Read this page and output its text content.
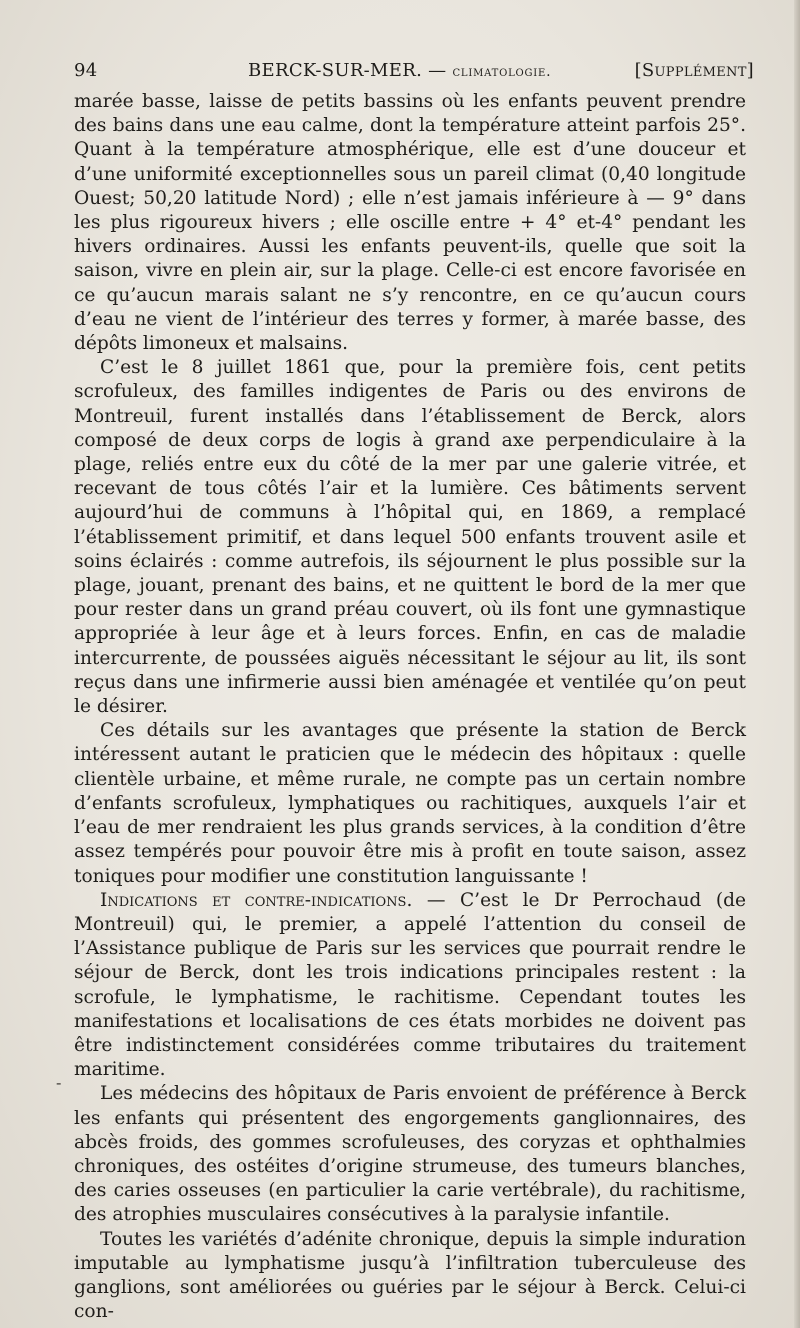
94	BERCK-SUR-MER. — climatologie.	[Supplément]

marée basse, laisse de petits bassins où les enfants peuvent prendre des bains dans une eau calme, dont la température atteint parfois 25°. Quant à la température atmosphérique, elle est d’une douceur et d’une uniformité exceptionnelles sous un pareil climat (0,40 longitude Ouest; 50,20 latitude Nord) ; elle n’est jamais inférieure à — 9° dans les plus rigoureux hivers ; elle oscille entre + 4° et-4° pendant les hivers ordinaires. Aussi les enfants peuvent-ils, quelle que soit la saison, vivre en plein air, sur la plage. Celle-ci est encore favorisée en ce qu’aucun marais salant ne s’y rencontre, en ce qu’aucun cours d’eau ne vient de l’intérieur des terres y former, à marée basse, des dépôts limoneux et malsains.

C’est le 8 juillet 1861 que, pour la première fois, cent petits scrofuleux, des familles indigentes de Paris ou des environs de Montreuil, furent installés dans l’établissement de Berck, alors composé de deux corps de logis à grand axe perpendiculaire à la plage, reliés entre eux du côté de la mer par une galerie vitrée, et recevant de tous côtés l’air et la lumière. Ces bâtiments servent aujourd’hui de communs à l’hôpital qui, en 1869, a remplacé l’établissement primitif, et dans lequel 500 enfants trouvent asile et soins éclairés : comme autrefois, ils séjournent le plus possible sur la plage, jouant, prenant des bains, et ne quittent le bord de la mer que pour rester dans un grand préau couvert, où ils font une gymnastique appropriée à leur âge et à leurs forces. Enfin, en cas de maladie intercurrente, de poussées aiguës nécessitant le séjour au lit, ils sont reçus dans une infirmerie aussi bien aménagée et ventilée qu’on peut le désirer.

Ces détails sur les avantages que présente la station de Berck intéressent autant le praticien que le médecin des hôpitaux : quelle clientèle urbaine, et même rurale, ne compte pas un certain nombre d’enfants scrofuleux, lymphatiques ou rachitiques, auxquels l’air et l’eau de mer rendraient les plus grands services, à la condition d’être assez tempérés pour pouvoir être mis à profit en toute saison, assez toniques pour modifier une constitution languissante !

Indications et contre-indications. — C’est le Dr Perrochaud (de Montreuil) qui, le premier, a appelé l’attention du conseil de l’Assistance publique de Paris sur les services que pourrait rendre le séjour de Berck, dont les trois indications principales restent : la scrofule, le lymphatisme, le rachitisme. Cependant toutes les manifestations et localisations de ces états morbides ne doivent pas être indistinctement considérées comme tributaires du traitement maritime.

Les médecins des hôpitaux de Paris envoient de préférence à Berck les enfants qui présentent des engorgements ganglionnaires, des abcès froids, des gommes scrofuleuses, des coryzas et ophthalmies chroniques, des ostéites d’origine strumeuse, des tumeurs blanches, des caries osseuses (en particulier la carie vertébrale), du rachitisme, des atrophies musculaires consécutives à la paralysie infantile.

Toutes les variétés d’adénite chronique, depuis la simple induration imputable au lymphatisme jusqu’à l’infiltration tuberculeuse des ganglions, sont améliorées ou guéries par le séjour à Berck. Celui-ci con-

-
